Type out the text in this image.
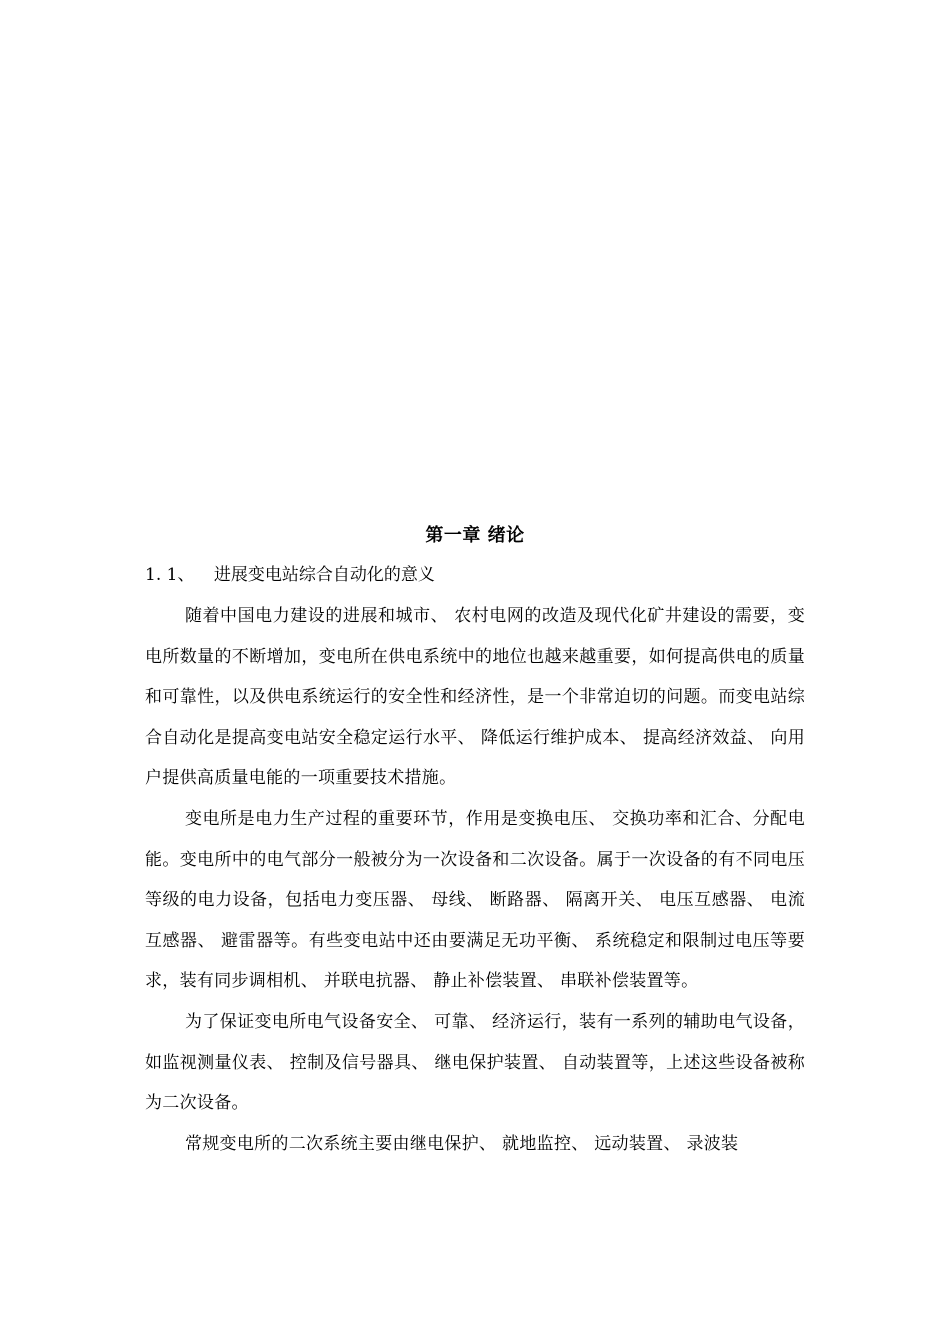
第一章 绪论
1. 1、 进展变电站综合自动化的意义

随着中国电力建设的进展和城市、 农村电网的改造及现代化矿井建设的需要，变电所数量的不断增加，变电所在供电系统中的地位也越来越重要，如何提高供电的质量和可靠性，以及供电系统运行的安全性和经济性，是一个非常迫切的问题。而变电站综合自动化是提高变电站安全稳定运行水平、 降低运行维护成本、 提高经济效益、 向用户提供高质量电能的一项重要技术措施。

变电所是电力生产过程的重要环节，作用是变换电压、 交换功率和汇合、分配电能。变电所中的电气部分一般被分为一次设备和二次设备。属于一次设备的有不同电压等级的电力设备，包括电力变压器、 母线、 断路器、 隔离开关、 电压互感器、 电流互感器、 避雷器等。有些变电站中还由要满足无功平衡、 系统稳定和限制过电压等要求，装有同步调相机、 并联电抗器、 静止补偿装置、 串联补偿装置等。

为了保证变电所电气设备安全、 可靠、 经济运行，装有一系列的辅助电气设备，如监视测量仪表、 控制及信号器具、 继电保护装置、 自动装置等，上述这些设备被称为二次设备。

常规变电所的二次系统主要由继电保护、 就地监控、 远动装置、 录波装
